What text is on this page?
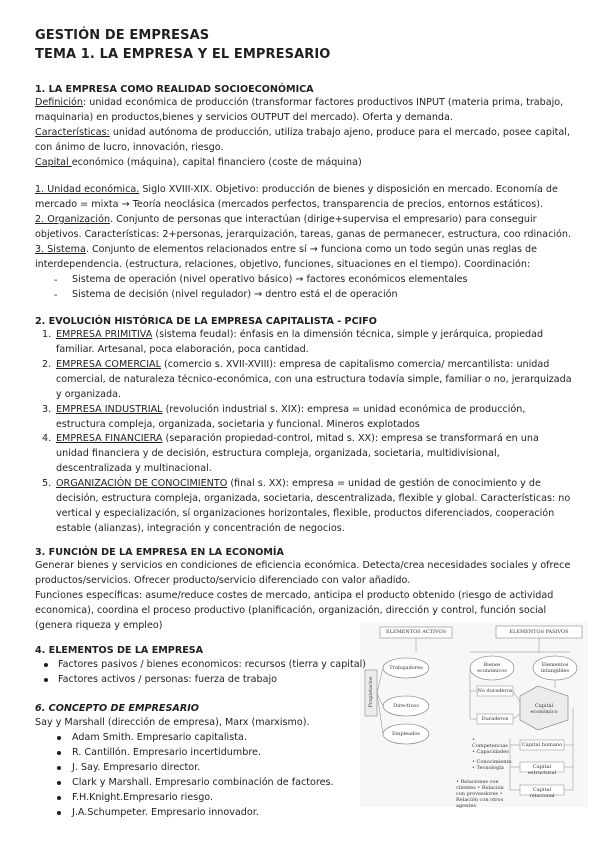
GESTIÓN DE EMPRESAS
TEMA 1. LA EMPRESA Y EL EMPRESARIO
1. LA EMPRESA COMO REALIDAD SOCIOECONÓMICA
Definición: unidad económica de producción (transformar factores productivos INPUT (materia prima, trabajo,
maquinaria) en productos,bienes y servicios OUTPUT del mercado). Oferta y demanda.
Características: unidad autónoma de producción, utiliza trabajo ajeno, produce para el mercado, posee capital,
con ánimo de lucro, innovación, riesgo.
Capital económico (máquina), capital financiero (coste de máquina)
1. Unidad económica. Siglo XVIII-XIX. Objetivo: producción de bienes y disposición en mercado. Economía de
mercado = mixta → Teoría neoclásica (mercados perfectos, transparencia de precios, entornos estáticos).
2. Organización. Conjunto de personas que interactúan (dirige+supervisa el empresario) para conseguir
objetivos. Características: 2+personas, jerarquización, tareas, ganas de permanecer, estructura, coo rdinación.
3. Sistema. Conjunto de elementos relacionados entre sí → funciona como un todo según unas reglas de
interdependencia. (estructura, relaciones, objetivo, funciones, situaciones en el tiempo). Coordinación:
- Sistema de operación (nivel operativo básico) → factores económicos elementales
- Sistema de decisión (nivel regulador) → dentro está el de operación
2. EVOLUCIÓN HISTÓRICA DE LA EMPRESA CAPITALISTA - PCIFO
1. EMPRESA PRIMITIVA (sistema feudal): énfasis en la dimensión técnica, simple y jerárquica, propiedad
familiar. Artesanal, poca elaboración, poca cantidad.
2. EMPRESA COMERCIAL (comercio s. XVII-XVIII): empresa de capitalismo comercia/ mercantilista: unidad
comercial, de naturaleza técnico-económica, con una estructura todavía simple, familiar o no, jerarquizada
y organizada.
3. EMPRESA INDUSTRIAL (revolución industrial s. XIX): empresa = unidad económica de producción,
estructura compleja, organizada, societaria y funcional. Mineros explotados
4. EMPRESA FINANCIERA (separación propiedad-control, mitad s. XX): empresa se transformará en una
unidad financiera y de decisión, estructura compleja, organizada, societaria, multidivisional,
descentralizada y multinacional.
5. ORGANIZACIÓN DE CONOCIMIENTO (final s. XX): empresa = unidad de gestión de conocimiento y de
decisión, estructura compleja, organizada, societaria, descentralizada, flexible y global. Características: no
vertical y especialización, sí organizaciones horizontales, flexible, productos diferenciados, cooperación
estable (alianzas), integración y concentración de negocios.
3. FUNCIÓN DE LA EMPRESA EN LA ECONOMÍA
Generar bienes y servicios en condiciones de eficiencia económica. Detecta/crea necesidades sociales y ofrece
productos/servicios. Ofrecer producto/servicio diferenciado con valor añadido.
Funciones específicas: asume/reduce costes de mercado, anticipa el producto obtenido (riesgo de actividad
economica), coordina el proceso productivo (planificación, organización, dirección y control, función social
(genera riqueza y empleo)
ELEMENTOS ACTIVOS	ELEMENTOS PASIVOS
Propietarios
Trabajadores
Directivos
Empleados
Bienes económicos
Elementos intangibles
No duraderos
Duraderos
Capital económico
• Competencias • Capacidades
• Conocimiento • Tecnología
Capital humano
Capital estructural
• Relaciones con clientes • Relación con proveedores • Relación con otros agentes
Capital relacional
4. ELEMENTOS DE LA EMPRESA
Factores pasivos / bienes economicos: recursos (tierra y capital)
Factores activos / personas: fuerza de trabajo
6. CONCEPTO DE EMPRESARIO
Say y Marshall (dirección de empresa), Marx (marxismo).
Adam Smith. Empresario capitalista.
R. Cantillón. Empresario incertidumbre.
J. Say. Empresario director.
Clark y Marshall. Empresario combinación de factores.
F.H.Knight.Empresario riesgo.
J.A.Schumpeter. Empresario innovador.
